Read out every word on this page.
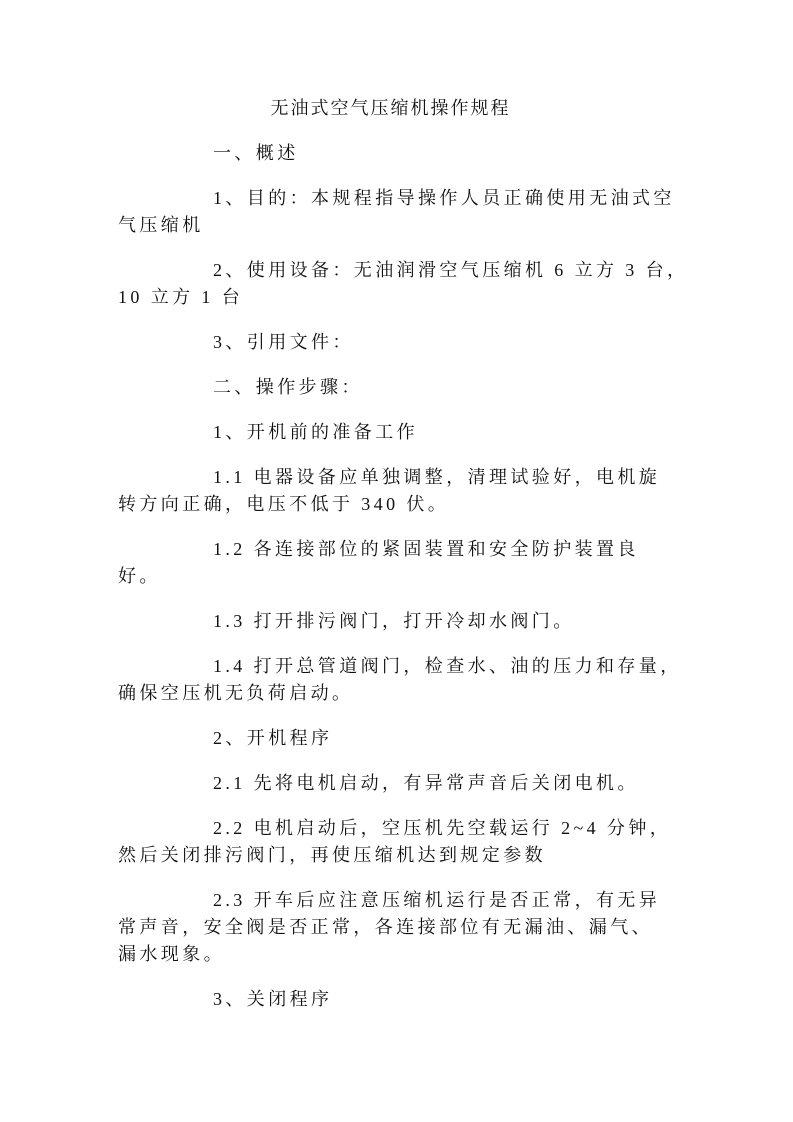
无油式空气压缩机操作规程
一、概述
1、目的：本规程指导操作人员正确使用无油式空
气压缩机
2、使用设备：无油润滑空气压缩机 6 立方 3 台，
10 立方 1 台
3、引用文件：
二、操作步骤：
1、开机前的准备工作
1.1 电器设备应单独调整，清理试验好，电机旋
转方向正确，电压不低于 340 伏。
1.2 各连接部位的紧固装置和安全防护装置良
好。
1.3 打开排污阀门，打开冷却水阀门。
1.4 打开总管道阀门，检查水、油的压力和存量，
确保空压机无负荷启动。
2、开机程序
2.1 先将电机启动，有异常声音后关闭电机。
2.2 电机启动后，空压机先空载运行 2~4 分钟，
然后关闭排污阀门，再使压缩机达到规定参数
2.3 开车后应注意压缩机运行是否正常，有无异
常声音，安全阀是否正常，各连接部位有无漏油、漏气、
漏水现象。
3、关闭程序
